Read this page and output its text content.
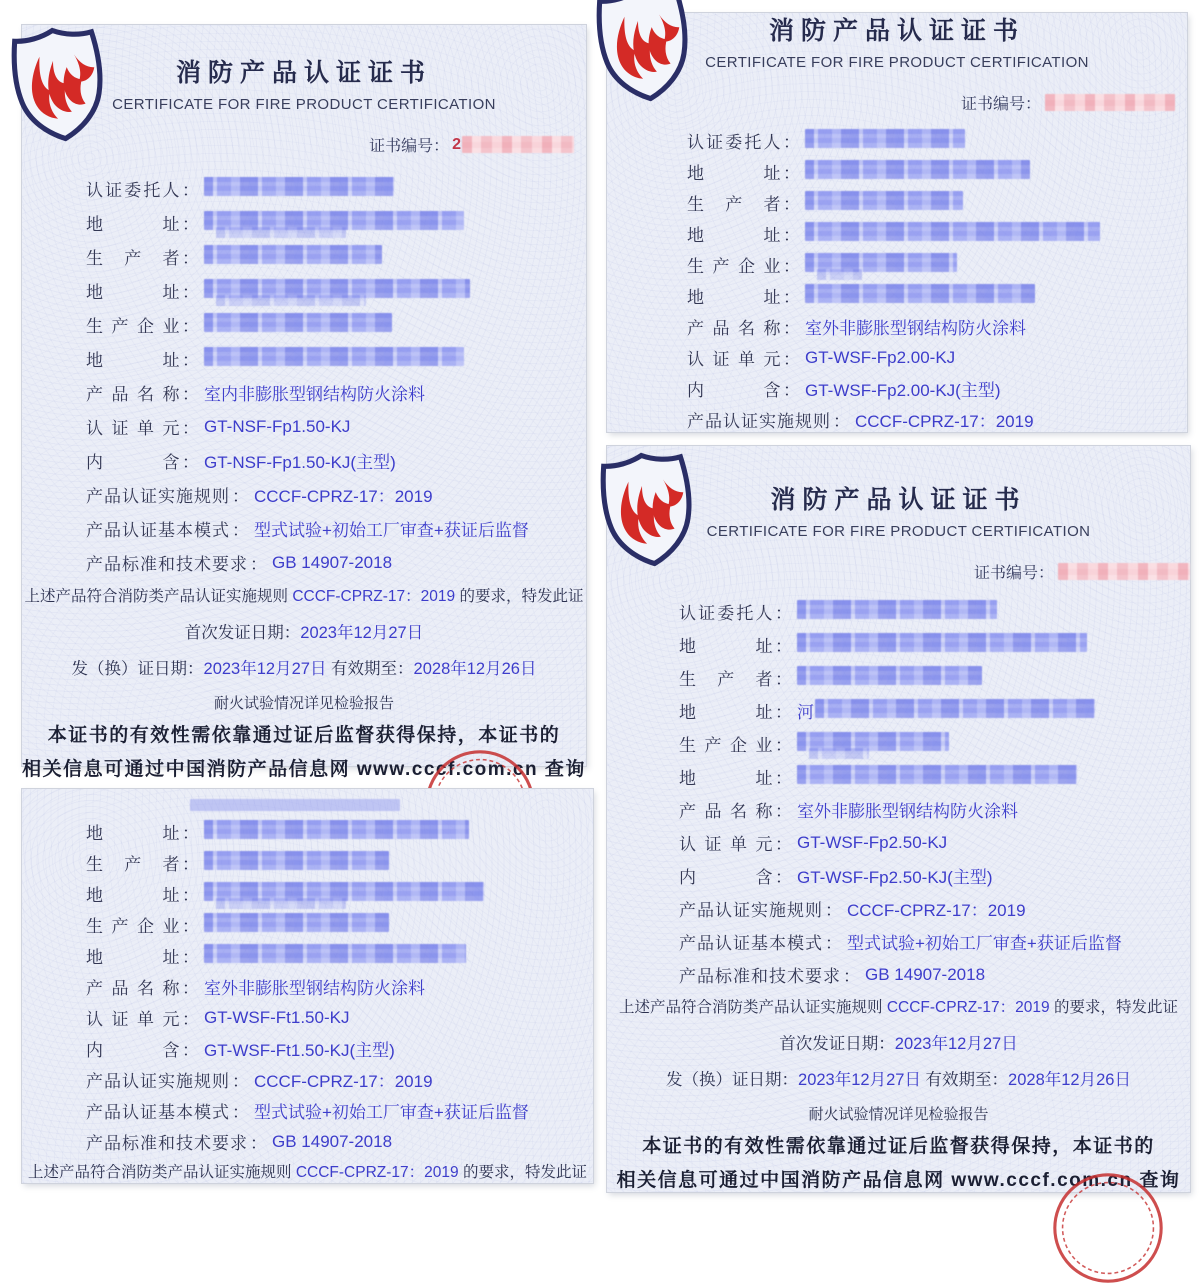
消防产品认证证书
CERTIFICATE FOR FIRE PRODUCT CERTIFICATION
证书编号： 2
认证委托人 ：
地址 ：
生产者 ：
地址 ：
生产企业 ：
地址 ：
产品名称 ： 室内非膨胀型钢结构防火涂料
认证单元 ： GT-NSF-Fp1.50-KJ
内含 ： GT-NSF-Fp1.50-KJ(主型)
产品认证实施规则 ： CCCF-CPRZ-17：2019
产品认证基本模式 ： 型式试验+初始工厂审查+获证后监督
产品标准和技术要求 ： GB 14907-2018
上述产品符合消防类产品认证实施规则 CCCF-CPRZ-17：2019 的要求，特发此证
首次发证日期：2023年12月27日
发（换）证日期：2023年12月27日 有效期至：2028年12月26日
耐火试验情况详见检验报告
本证书的有效性需依靠通过证后监督获得保持，本证书的
相关信息可通过中国消防产品信息网 www.cccf.com.cn 查询
消防产品认证证书
CERTIFICATE FOR FIRE PRODUCT CERTIFICATION
证书编号：
认证委托人 ：
地址 ：
生产者 ：
地址 ：
生产企业 ：
地址 ：
产品名称 ： 室外非膨胀型钢结构防火涂料
认证单元 ： GT-WSF-Fp2.00-KJ
内含 ： GT-WSF-Fp2.00-KJ(主型)
产品认证实施规则 ： CCCF-CPRZ-17：2019
地址 ：
生产者 ：
地址 ：
生产企业 ：
地址 ：
产品名称 ： 室外非膨胀型钢结构防火涂料
认证单元 ： GT-WSF-Ft1.50-KJ
内含 ： GT-WSF-Ft1.50-KJ(主型)
产品认证实施规则 ： CCCF-CPRZ-17：2019
产品认证基本模式 ： 型式试验+初始工厂审查+获证后监督
产品标准和技术要求 ： GB 14907-2018
上述产品符合消防类产品认证实施规则 CCCF-CPRZ-17：2019 的要求，特发此证
消防产品认证证书
CERTIFICATE FOR FIRE PRODUCT CERTIFICATION
证书编号：
认证委托人 ：
地址 ：
生产者 ：
地址 ： 河
生产企业 ：
地址 ：
产品名称 ： 室外非膨胀型钢结构防火涂料
认证单元 ： GT-WSF-Fp2.50-KJ
内含 ： GT-WSF-Fp2.50-KJ(主型)
产品认证实施规则 ： CCCF-CPRZ-17：2019
产品认证基本模式 ： 型式试验+初始工厂审查+获证后监督
产品标准和技术要求 ： GB 14907-2018
上述产品符合消防类产品认证实施规则 CCCF-CPRZ-17：2019 的要求，特发此证
首次发证日期：2023年12月27日
发（换）证日期：2023年12月27日 有效期至：2028年12月26日
耐火试验情况详见检验报告
本证书的有效性需依靠通过证后监督获得保持，本证书的
相关信息可通过中国消防产品信息网 www.cccf.com.cn 查询
